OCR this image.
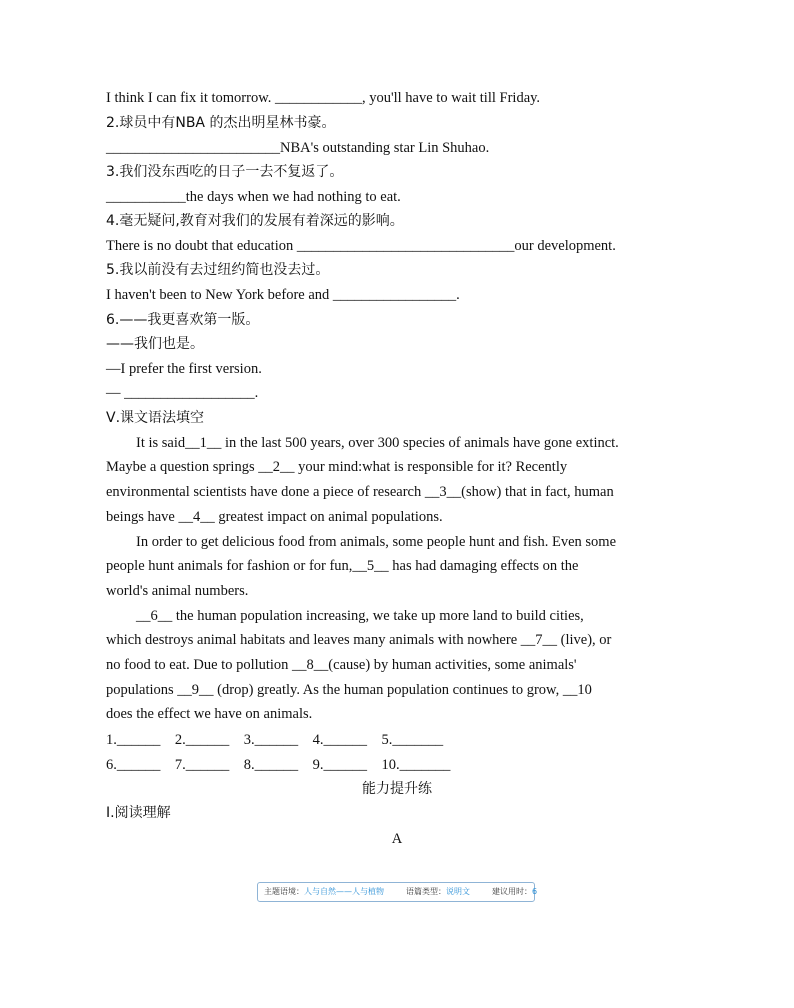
I think I can fix it tomorrow. ____________, you'll have to wait till Friday.
2.球员中有NBA 的杰出明星林书豪。
________________________NBA's outstanding star Lin Shuhao.
3.我们没东西吃的日子一去不复返了。
___________the days when we had nothing to eat.
4.毫无疑问,教育对我们的发展有着深远的影响。
There is no doubt that education ______________________________our development.
5.我以前没有去过纽约简也没去过。
I haven't been to New York before and _________________.
6.——我更喜欢第一版。
——我们也是。
—I prefer the first version.
— __________________.
Ⅴ.课文语法填空
It is said__1__ in the last 500 years, over 300 species of animals have gone extinct.
Maybe a question springs __2__ your mind:what is responsible for it? Recently
environmental scientists have done a piece of research __3__(show) that in fact, human
beings have __4__ greatest impact on animal populations.
In order to get delicious food from animals, some people hunt and fish. Even some
people hunt animals for fashion or for fun,__5__ has had damaging effects on the
world's animal numbers.
__6__ the human population increasing, we take up more land to build cities,
which destroys animal habitats and leaves many animals with nowhere __7__ (live), or
no food to eat. Due to pollution __8__(cause) by human activities, some animals'
populations __9__ (drop) greatly. As the human population continues to grow, __10
does the effect we have on animals.
1.______    2.______    3.______    4.______    5._______
6.______    7.______    8.______    9.______    10._______
能力提升练
Ⅰ.阅读理解
A
主题语境：人与自然——人与植物	语篇类型：说明文	建议用时：6
